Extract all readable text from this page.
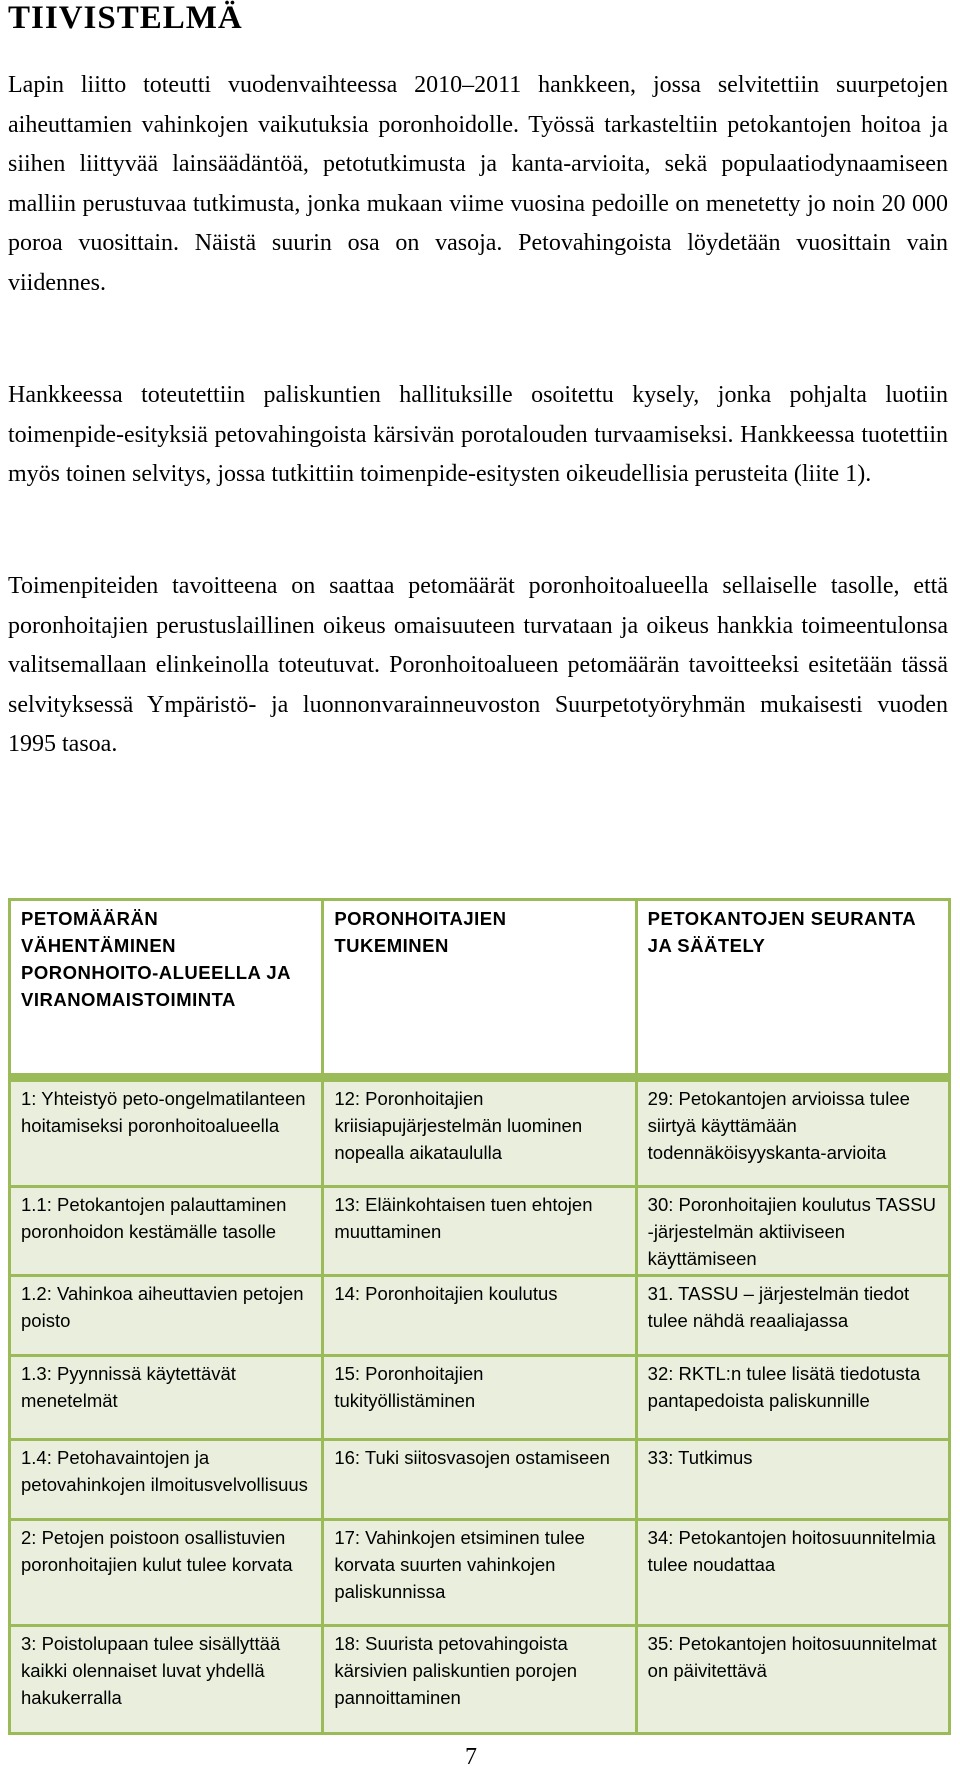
TIIVISTELMÄ

Lapin liitto toteutti vuodenvaihteessa 2010–2011 hankkeen, jossa selvitettiin suurpetojen aiheuttamien vahinkojen vaikutuksia poronhoidolle. Työssä tarkasteltiin petokantojen hoitoa ja siihen liittyvää lainsäädäntöä, petotutkimusta ja kanta-arvioita, sekä populaatiodynaamiseen malliin perustuvaa tutkimusta, jonka mukaan viime vuosina pedoille on menetetty jo noin 20 000 poroa vuosittain. Näistä suurin osa on vasoja. Petovahingoista löydetään vuosittain vain viidennes.

Hankkeessa toteutettiin paliskuntien hallituksille osoitettu kysely, jonka pohjalta luotiin toimenpide-esityksiä petovahingoista kärsivän porotalouden turvaamiseksi. Hankkeessa tuotettiin myös toinen selvitys, jossa tutkittiin toimenpide-esitysten oikeudellisia perusteita (liite 1).

Toimenpiteiden tavoitteena on saattaa petomäärät poronhoitoalueella sellaiselle tasolle, että poronhoitajien perustuslaillinen oikeus omaisuuteen turvataan ja oikeus hankkia toimeentulonsa valitsemallaan elinkeinolla toteutuvat. Poronhoitoalueen petomäärän tavoitteeksi esitetään tässä selvityksessä Ympäristö- ja luonnonvarainneuvoston Suurpetotyöryhmän mukaisesti vuoden 1995 tasoa.

PETOMÄÄRÄN VÄHENTÄMINEN PORONHOITO-ALUEELLA JA VIRANOMAISTOIMINTA	PORONHOITAJIEN TUKEMINEN	PETOKANTOJEN SEURANTA JA SÄÄTELY

1: Yhteistyö peto-ongelmatilanteen hoitamiseksi poronhoitoalueella	12: Poronhoitajien kriisiapujärjestelmän luominen nopealla aikataululla	29: Petokantojen arvioissa tulee siirtyä käyttämään todennäköisyyskanta-arvioita
1.1: Petokantojen palauttaminen poronhoidon kestämälle tasolle	13: Eläinkohtaisen tuen ehtojen muuttaminen	30: Poronhoitajien koulutus TASSU -järjestelmän aktiiviseen käyttämiseen
1.2: Vahinkoa aiheuttavien petojen poisto	14: Poronhoitajien koulutus	31. TASSU – järjestelmän tiedot tulee nähdä reaaliajassa
1.3: Pyynnissä käytettävät menetelmät	15: Poronhoitajien tukityöllistäminen	32: RKTL:n tulee lisätä tiedotusta pantapedoista paliskunnille
1.4: Petohavaintojen ja petovahinkojen ilmoitusvelvollisuus	16: Tuki siitosvasojen ostamiseen	33: Tutkimus
2: Petojen poistoon osallistuvien poronhoitajien kulut tulee korvata	17: Vahinkojen etsiminen tulee korvata suurten vahinkojen paliskunnissa	34: Petokantojen hoitosuunnitelmia tulee noudattaa
3: Poistolupaan tulee sisällyttää kaikki olennaiset luvat yhdellä hakukerralla	18: Suurista petovahingoista kärsivien paliskuntien porojen pannoittaminen	35: Petokantojen hoitosuunnitelmat on päivitettävä
7
